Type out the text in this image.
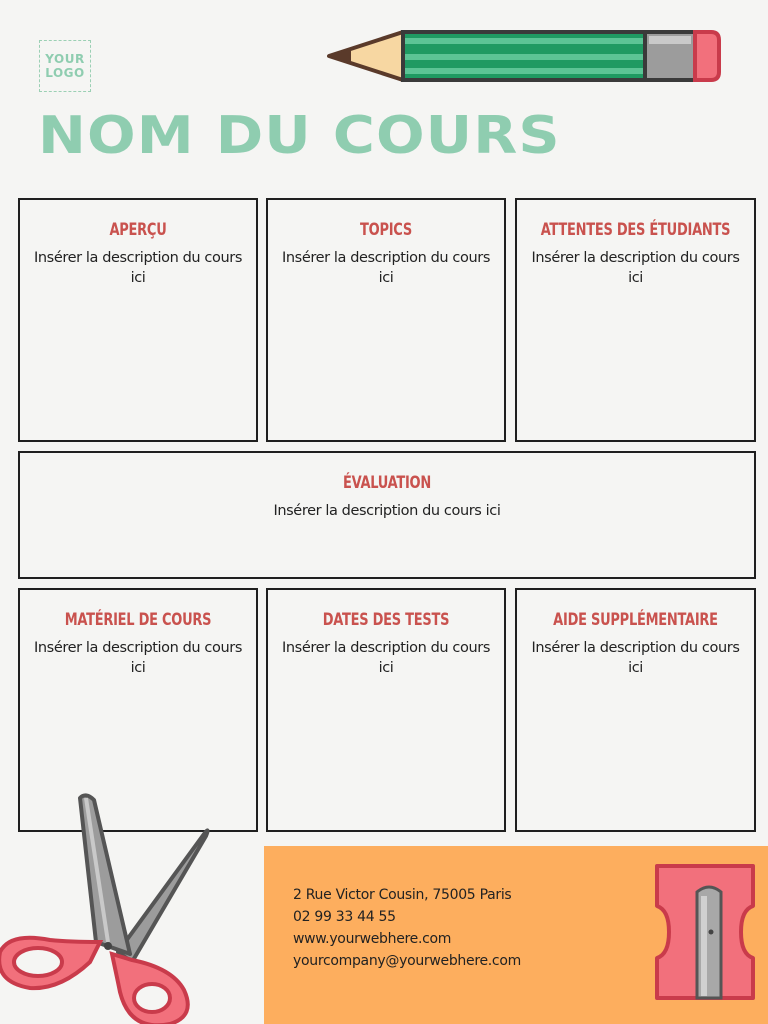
YOUR
LOGO
NOM DU COURS
APERÇU

Insérer la description du cours ici

TOPICS

Insérer la description du cours ici

ATTENTES DES ÉTUDIANTS

Insérer la description du cours ici

ÉVALUATION

Insérer la description du cours ici

MATÉRIEL DE COURS

Insérer la description du cours ici

DATES DES TESTS

Insérer la description du cours ici

AIDE SUPPLÉMENTAIRE

Insérer la description du cours ici

2 Rue Victor Cousin, 75005 Paris
02 99 33 44 55
www.yourwebhere.com
yourcompany@yourwebhere.com
